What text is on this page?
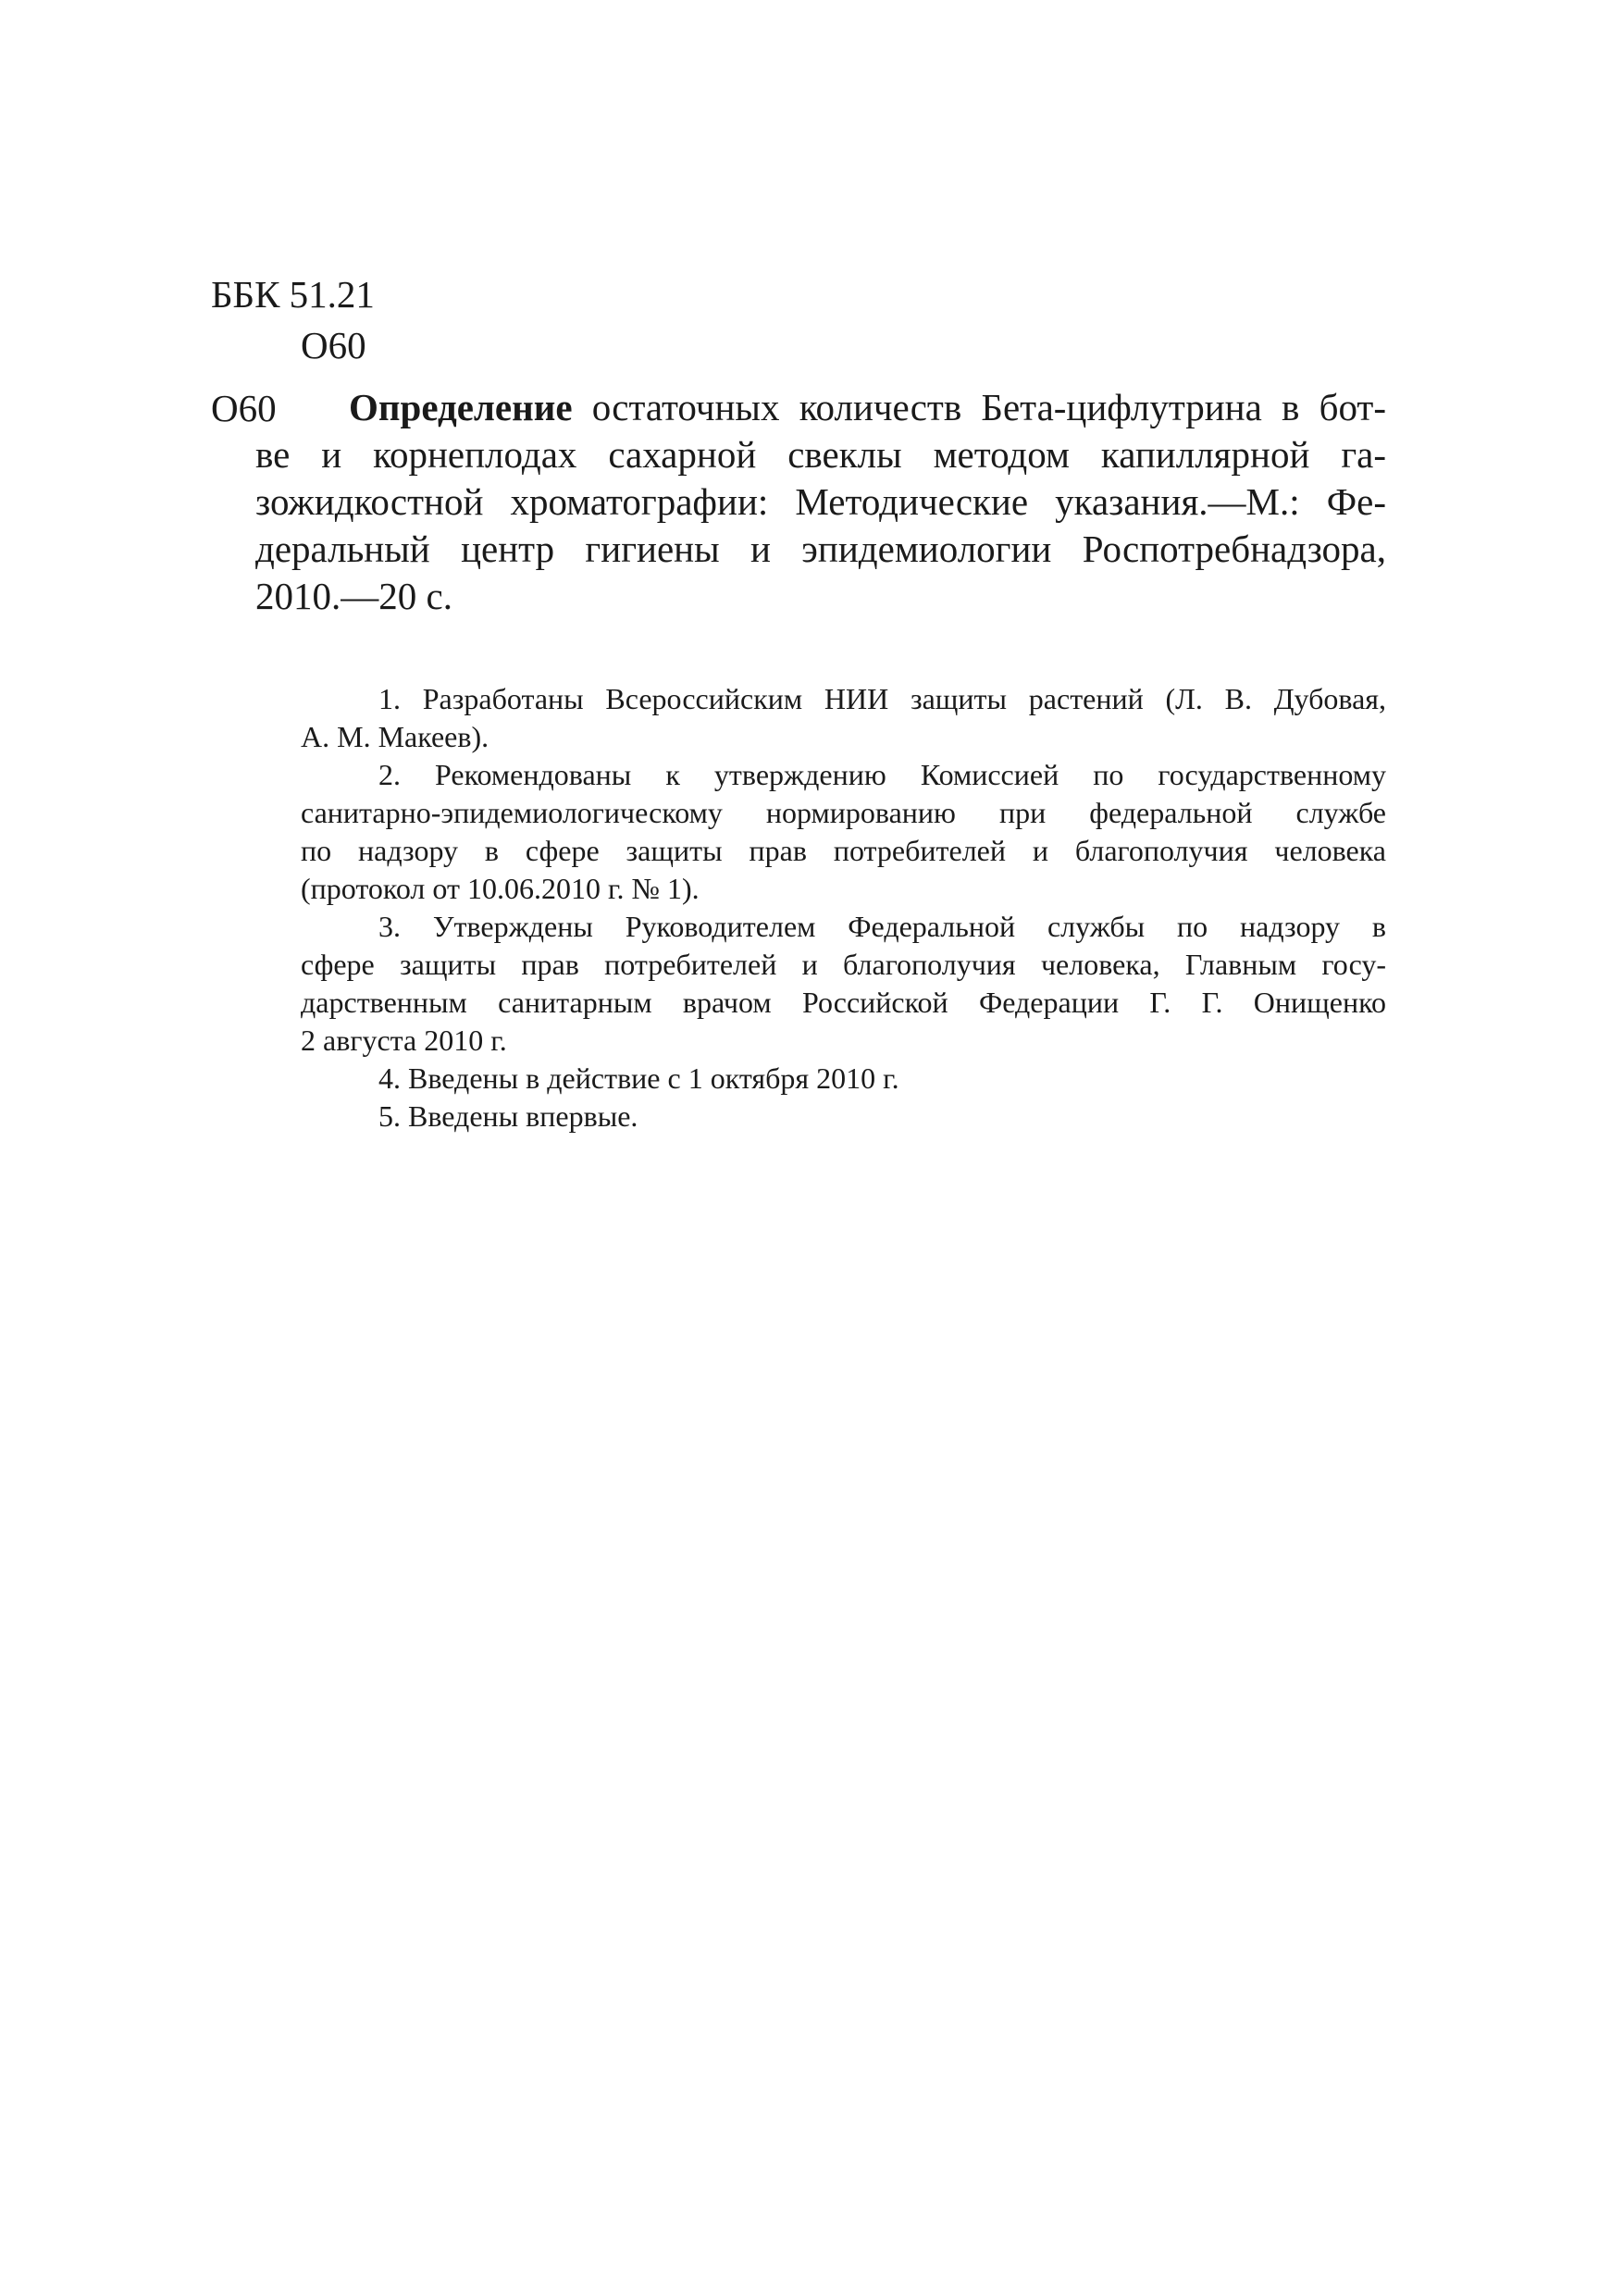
ББК 51.21
О60
О60	Определение остаточных количеств Бета-цифлутрина в бот-
ве и корнеплодах сахарной свеклы методом капиллярной га-
зожидкостной хроматографии: Методические указания.—М.: Фе-
деральный центр гигиены и эпидемиологии Роспотребнадзора,
2010.—20 с.

1. Разработаны Всероссийским НИИ защиты растений (Л. В. Дубовая,
А. М. Макеев).

2. Рекомендованы к утверждению Комиссией по государственному
санитарно-эпидемиологическому нормированию при федеральной службе
по надзору в сфере защиты прав потребителей и благополучия человека
(протокол от 10.06.2010 г. № 1).

3. Утверждены Руководителем Федеральной службы по надзору в
сфере защиты прав потребителей и благополучия человека, Главным госу-
дарственным санитарным врачом Российской Федерации Г. Г. Онищенко
2 августа 2010 г.

4. Введены в действие с 1 октября 2010 г.

5. Введены впервые.
